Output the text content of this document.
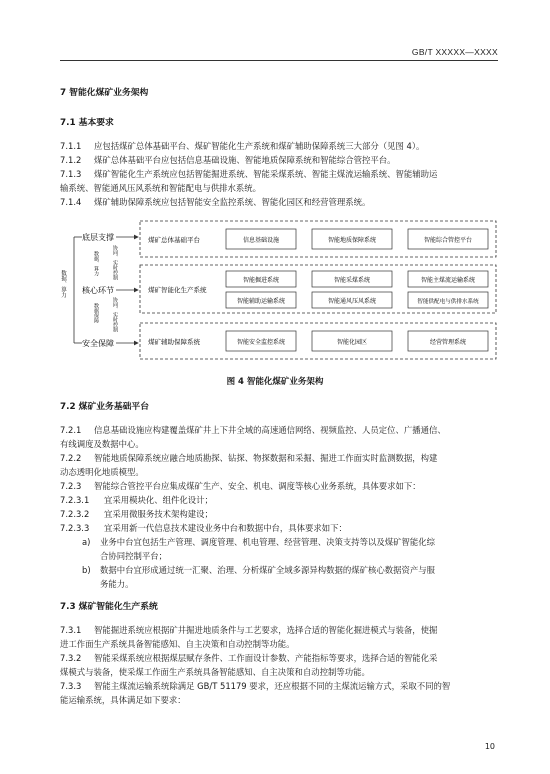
GB/T XXXXX—XXXX
7 智能化煤矿业务架构
7.1 基本要求
7.1.1 应包括煤矿总体基础平台、煤矿智能化生产系统和煤矿辅助保障系统三大部分（见图 4）。
7.1.2 煤矿总体基础平台应包括信息基础设施、智能地质保障系统和智能综合管控平台。
7.1.3 煤矿智能化生产系统应包括智能掘进系统、智能采煤系统、智能主煤流运输系统、智能辅助运
输系统、智能通风压风系统和智能配电与供排水系统。
7.1.4 煤矿辅助保障系统应包括智能安全监控系统、智能化园区和经营管理系统。
数据、算力
底层支撑
核心环节
安全保障
数据、算力
数据保障
协同、实时控制
协同、实时控制
煤矿总体基础平台	信息基础设施	智能地质保障系统	智能综合管控平台
煤矿智能化生产系统
智能掘进系统	智能采煤系统	智能主煤流运输系统
智能辅助运输系统	智能通风压风系统	智能供配电与供排水系统
煤矿辅助保障系统	智能安全监控系统	智能化园区	经营管理系统
图 4 智能化煤矿业务架构
7.2 煤矿业务基础平台
7.2.1 信息基础设施应构建覆盖煤矿井上下井全域的高速通信网络、视频监控、人员定位、广播通信、
有线调度及数据中心。
7.2.2 智能地质保障系统应融合地质勘探、钻探、物探数据和采掘、掘进工作面实时监测数据，构建
动态透明化地质模型。
7.2.3 智能综合管控平台应集成煤矿生产、安全、机电、调度等核心业务系统，具体要求如下：
7.2.3.1 宜采用模块化、组件化设计；
7.2.3.2 宜采用微服务技术架构建设；
7.2.3.3 宜采用新一代信息技术建设业务中台和数据中台，具体要求如下：
a) 业务中台宜包括生产管理、调度管理、机电管理、经营管理、决策支持等以及煤矿智能化综
合协同控制平台；
b) 数据中台宜形成通过统一汇聚、治理、分析煤矿全域多源异构数据的煤矿核心数据资产与服
务能力。
7.3 煤矿智能化生产系统
7.3.1 智能掘进系统应根据矿井掘进地质条件与工艺要求，选择合适的智能化掘进模式与装备，使掘
进工作面生产系统具备智能感知、自主决策和自动控制等功能。
7.3.2 智能采煤系统应根据煤层赋存条件、工作面设计参数、产能指标等要求，选择合适的智能化采
煤模式与装备，使采煤工作面生产系统具备智能感知、自主决策和自动控制等功能。
7.3.3 智能主煤流运输系统除满足 GB/T 51179 要求，还应根据不同的主煤流运输方式，采取不同的智
能运输系统，具体满足如下要求：
10
